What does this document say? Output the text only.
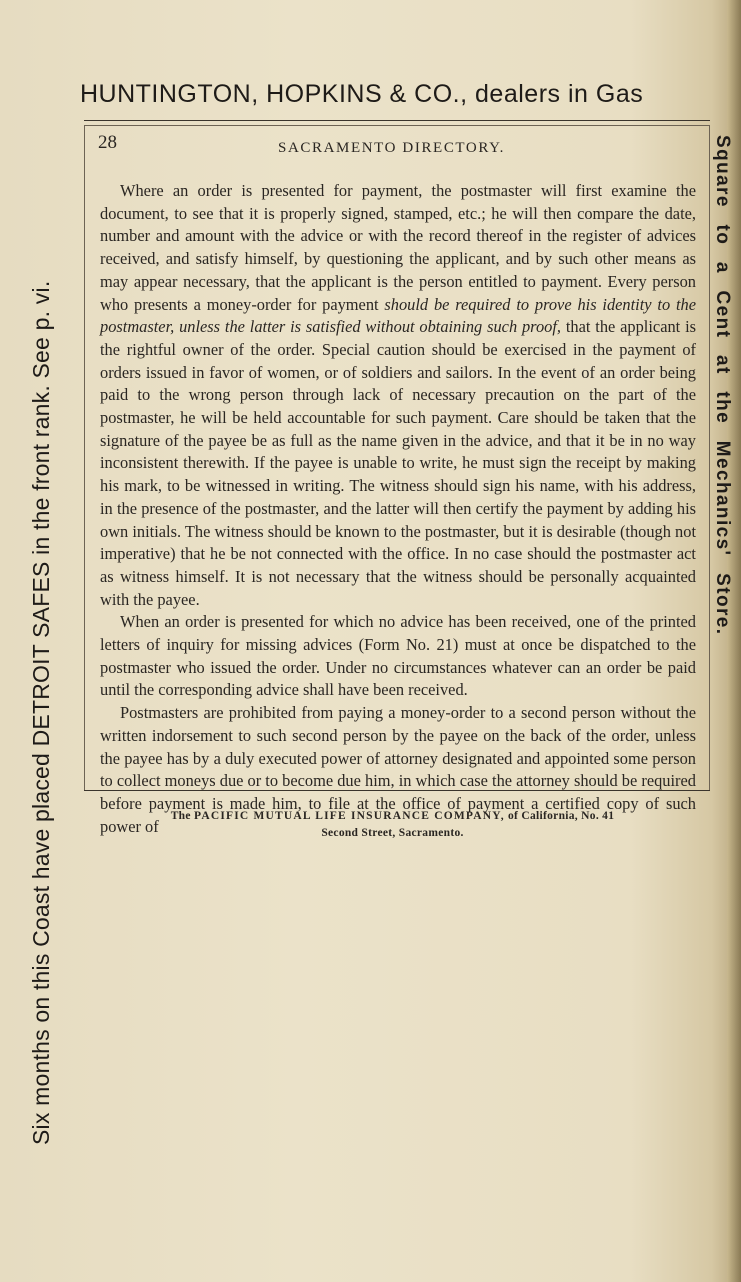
HUNTINGTON, HOPKINS & CO., dealers in Gas
Six months on this Coast have placed DETROIT SAFES in the front rank. See p. vi.	Square to a Cent at the Mechanics' Store.
28	SACRAMENTO DIRECTORY.

Where an order is presented for payment, the postmaster will first examine the document, to see that it is properly signed, stamped, etc.; he will then compare the date, number and amount with the advice or with the record thereof in the register of advices received, and satisfy himself, by questioning the applicant, and by such other means as may appear necessary, that the applicant is the person entitled to payment. Every person who presents a money-order for payment should be required to prove his identity to the postmaster, unless the latter is satisfied without obtaining such proof, that the applicant is the rightful owner of the order. Special caution should be exercised in the payment of orders issued in favor of women, or of soldiers and sailors. In the event of an order being paid to the wrong person through lack of necessary precaution on the part of the postmaster, he will be held accountable for such payment. Care should be taken that the signature of the payee be as full as the name given in the advice, and that it be in no way inconsistent therewith. If the payee is unable to write, he must sign the receipt by making his mark, to be witnessed in writing. The witness should sign his name, with his address, in the presence of the postmaster, and the latter will then certify the payment by adding his own initials. The witness should be known to the postmaster, but it is desirable (though not imperative) that he be not connected with the office. In no case should the postmaster act as witness himself. It is not necessary that the witness should be personally acquainted with the payee.

When an order is presented for which no advice has been received, one of the printed letters of inquiry for missing advices (Form No. 21) must at once be dispatched to the postmaster who issued the order. Under no circumstances whatever can an order be paid until the corresponding advice shall have been received.

Postmasters are prohibited from paying a money-order to a second person without the written indorsement to such second person by the payee on the back of the order, unless the payee has by a duly executed power of attorney designated and appointed some person to collect moneys due or to become due him, in which case the attorney should be required before payment is made him, to file at the office of payment a certified copy of such power of

The PACIFIC MUTUAL LIFE INSURANCE COMPANY, of California, No. 41
Second Street, Sacramento.
